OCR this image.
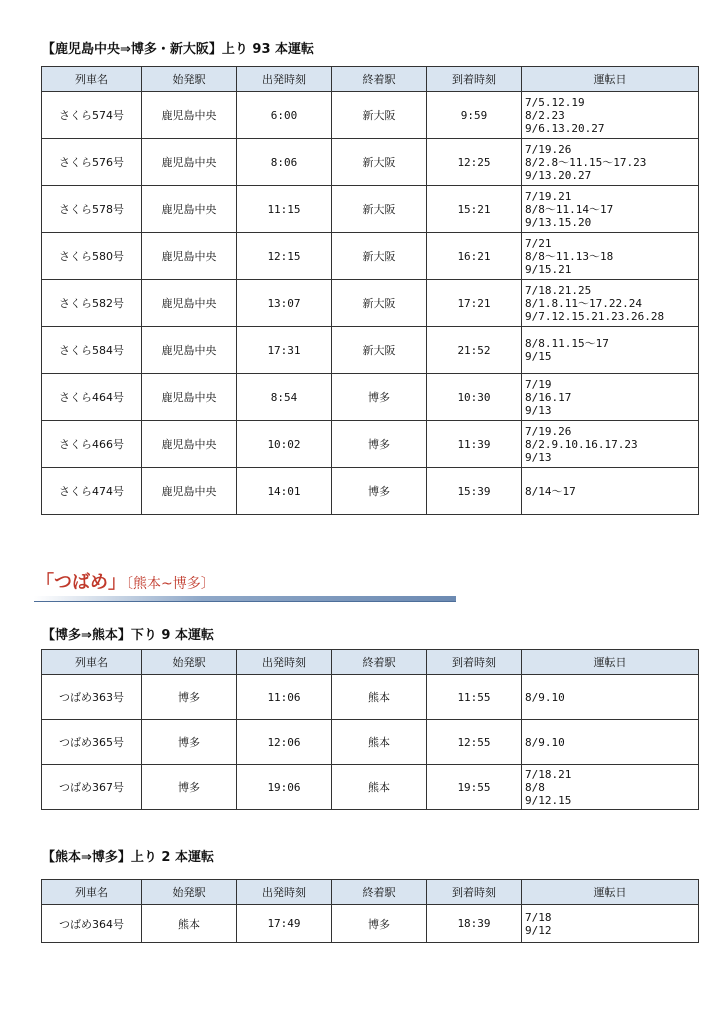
【鹿児島中央⇒博多・新大阪】上り 93 本運転
列車名	始発駅	出発時刻	終着駅	到着時刻	運転日
さくら574号	鹿児島中央	6:00	新大阪	9:59	7/5.12.19
8/2.23
9/6.13.20.27

さくら576号	鹿児島中央	8:06	新大阪	12:25	7/19.26
8/2.8～11.15～17.23
9/13.20.27

さくら578号	鹿児島中央	11:15	新大阪	15:21	7/19.21
8/8～11.14～17
9/13.15.20

さくら580号	鹿児島中央	12:15	新大阪	16:21	7/21
8/8～11.13～18
9/15.21

さくら582号	鹿児島中央	13:07	新大阪	17:21	7/18.21.25
8/1.8.11～17.22.24
9/7.12.15.21.23.26.28

さくら584号	鹿児島中央	17:31	新大阪	21:52	8/8.11.15～17
9/15

さくら464号	鹿児島中央	8:54	博多	10:30	7/19
8/16.17
9/13

さくら466号	鹿児島中央	10:02	博多	11:39	7/19.26
8/2.9.10.16.17.23
9/13

さくら474号	鹿児島中央	14:01	博多	15:39	8/14～17
「つばめ」〔熊本~博多〕
【博多⇒熊本】下り 9 本運転
列車名	始発駅	出発時刻	終着駅	到着時刻	運転日
つばめ363号	博多	11:06	熊本	11:55	8/9.10

つばめ365号	博多	12:06	熊本	12:55	8/9.10

つばめ367号	博多	19:06	熊本	19:55	7/18.21
8/8
9/12.15
【熊本⇒博多】上り 2 本運転
列車名	始発駅	出発時刻	終着駅	到着時刻	運転日
つばめ364号	熊本	17:49	博多	18:39	7/18
9/12
